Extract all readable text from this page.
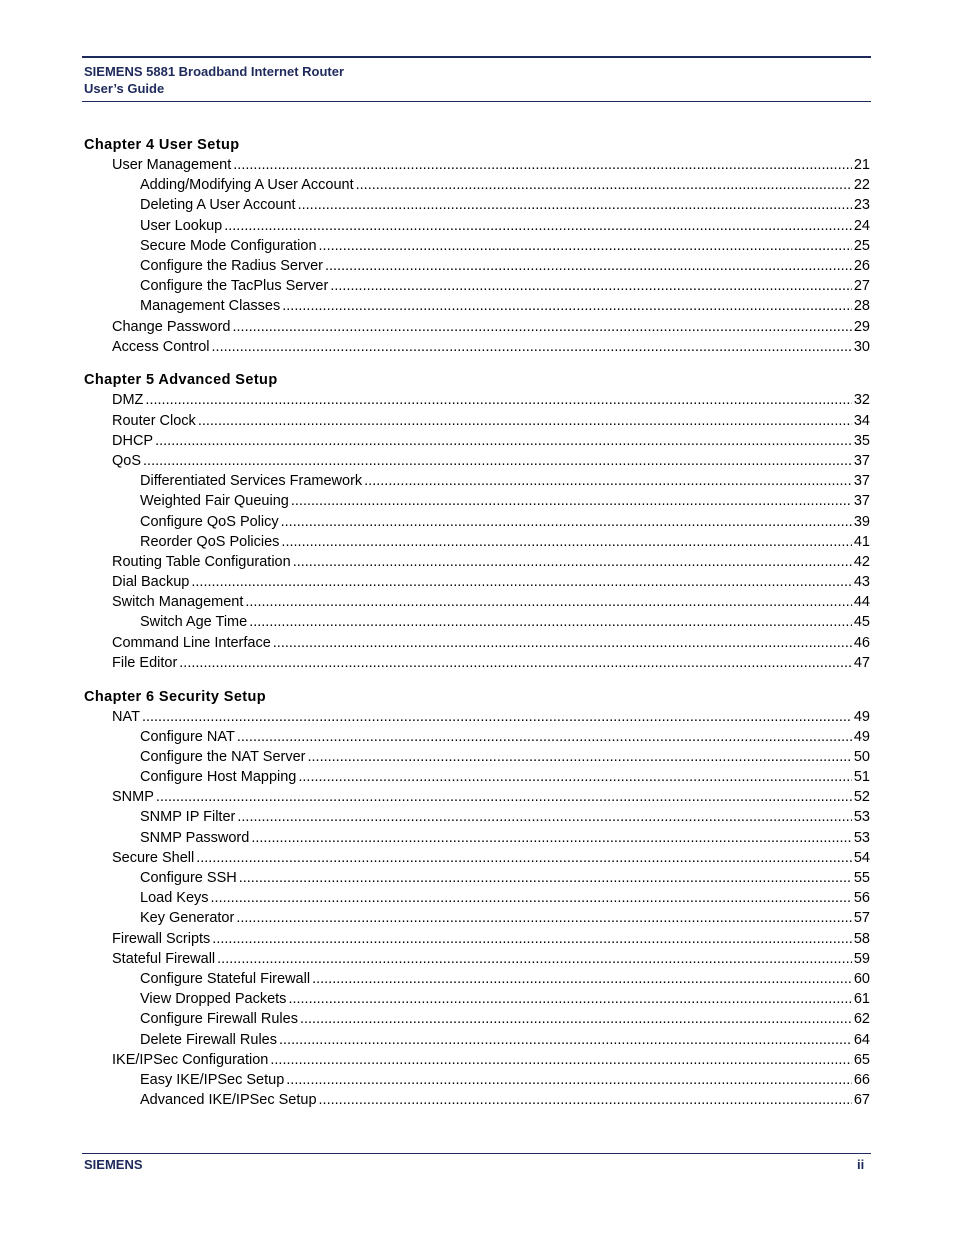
SIEMENS 5881 Broadband Internet Router
User’s Guide
Chapter 4 User Setup
User Management .....	21
Adding/Modifying A User Account .....	22
Deleting A User Account .....	23
User Lookup .....	24
Secure Mode Configuration .....	25
Configure the Radius Server .....	26
Configure the TacPlus Server .....	27
Management Classes .....	28
Change Password .....	29
Access Control .....	30
Chapter 5 Advanced Setup
DMZ .....	32
Router Clock .....	34
DHCP .....	35
QoS .....	37
Differentiated Services Framework .....	37
Weighted Fair Queuing .....	37
Configure QoS Policy .....	39
Reorder QoS Policies .....	41
Routing Table Configuration .....	42
Dial Backup .....	43
Switch Management .....	44
Switch Age Time .....	45
Command Line Interface .....	46
File Editor .....	47
Chapter 6 Security Setup
NAT .....	49
Configure NAT .....	49
Configure the NAT Server .....	50
Configure Host Mapping .....	51
SNMP .....	52
SNMP IP Filter .....	53
SNMP Password .....	53
Secure Shell .....	54
Configure SSH .....	55
Load Keys .....	56
Key Generator .....	57
Firewall Scripts .....	58
Stateful Firewall .....	59
Configure Stateful Firewall .....	60
View Dropped Packets .....	61
Configure Firewall Rules .....	62
Delete Firewall Rules .....	64
IKE/IPSec Configuration .....	65
Easy IKE/IPSec Setup .....	66
Advanced IKE/IPSec Setup .....	67
SIEMENS	ii
